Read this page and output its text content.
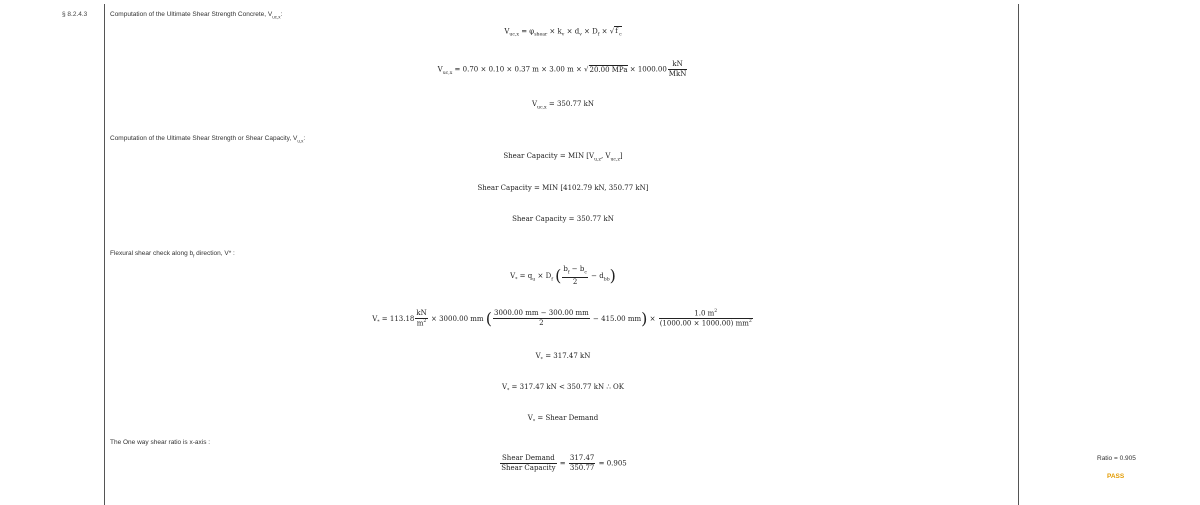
§ 8.2.4.3	Computation of the Ultimate Shear Strength Concrete, $V_{uc,x}$:
$V_{uc,x} = \varphi_{shear} \times k_v \times d_v \times D_f \times √f'_c$
$V_{uc,x} = 0.70 \times 0.10 \times 0.37$ m × 3.00 m × √20.00 MPa × $1000.00 \frac{kN}{\text{MkN}}$
$V_{uc,x} = 350.77$ kN
Computation of the Ultimate Shear Strength or Shear Capacity, $V_{u,x}$:
Shear Capacity = MIN [$V_{u,z}$, $V_{uc,z}$]
Shear Capacity = MIN [4102.79 kN, 350.77 kN]
Shear Capacity = 350.77 kN
Flexural shear check along $b_f$ direction, V* :
$V_* = q_u \times D_f$ ( $\frac{b_f - b_c}{2} - d_{bb}$)
$V_* = 113.18 \frac{kN}{m^2} \times 3000.00$ mm ( $\frac{3000.00 mm - 300.00 mm}{2} - 415.00$ $mm) \times \frac{1.0 m^2}{(1000.00 \times 1000.00) mm^2}$
$V_* = 317.47$ kN
$V_* = 317.47$ kN < 350.77 kN ∴ OK
$V_*$ = Shear Demand
The One way shear ratio is x-axis :
$\frac{\text{Shear Demand}}{\text{Shear Capacity}} = \frac{317.47}{350.77} = 0.905$
Ratio = 0.905
PASS
